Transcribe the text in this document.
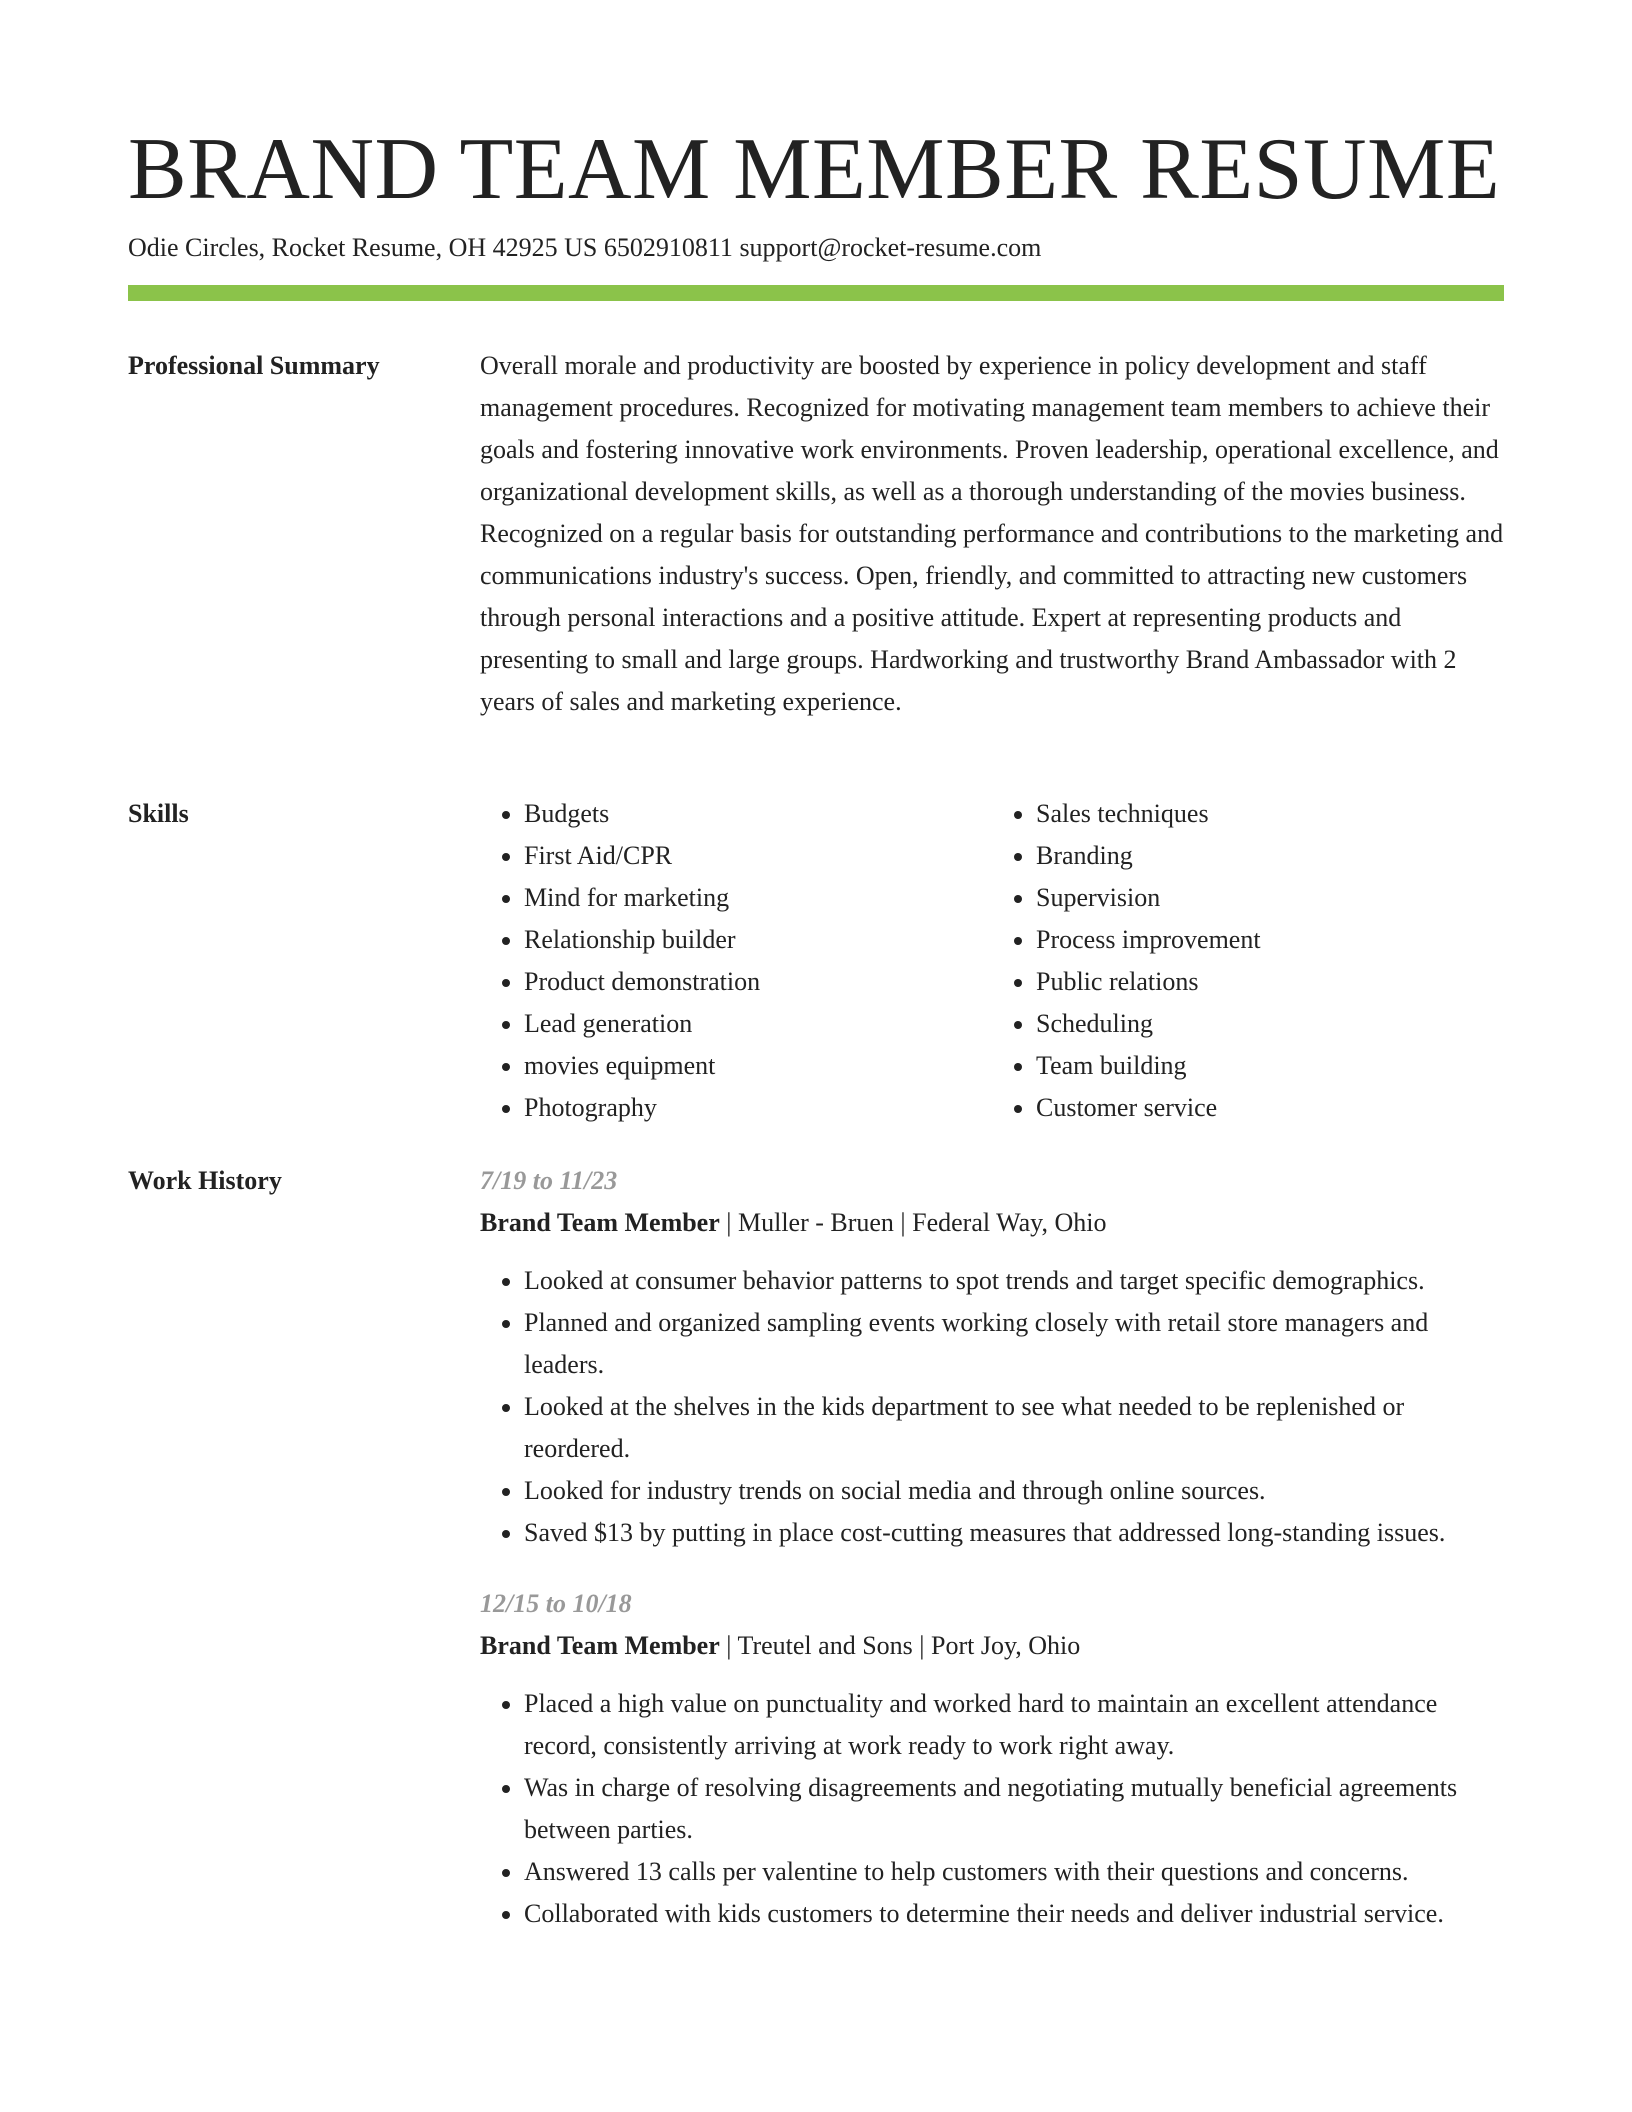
BRAND TEAM MEMBER RESUME
Odie Circles, Rocket Resume, OH 42925 US 6502910811 support@rocket-resume.com
Professional Summary	Overall morale and productivity are boosted by experience in policy development and staff management procedures. Recognized for motivating management team members to achieve their goals and fostering innovative work environments. Proven leadership, operational excellence, and organizational development skills, as well as a thorough understanding of the movies business. Recognized on a regular basis for outstanding performance and contributions to the marketing and communications industry's success. Open, friendly, and committed to attracting new customers through personal interactions and a positive attitude. Expert at representing products and presenting to small and large groups. Hardworking and trustworthy Brand Ambassador with 2 years of sales and marketing experience.

Skills
•	Budgets
• First Aid/CPR
• Mind for marketing
• Relationship builder
• Product demonstration
• Lead generation
• movies equipment
• Photography
• Sales techniques
• Branding
• Supervision
• Process improvement
• Public relations
• Scheduling
• Team building
• Customer service
Work History	7/19 to 11/23
Brand Team Member | Muller - Bruen | Federal Way, Ohio
• Looked at consumer behavior patterns to spot trends and target specific demographics.
• Planned and organized sampling events working closely with retail store managers and leaders.
• Looked at the shelves in the kids department to see what needed to be replenished or reordered.
• Looked for industry trends on social media and through online sources.
• Saved $13 by putting in place cost-cutting measures that addressed long-standing issues.
12/15 to 10/18
Brand Team Member | Treutel and Sons | Port Joy, Ohio
• Placed a high value on punctuality and worked hard to maintain an excellent attendance record, consistently arriving at work ready to work right away.
• Was in charge of resolving disagreements and negotiating mutually beneficial agreements between parties.
• Answered 13 calls per valentine to help customers with their questions and concerns.
• Collaborated with kids customers to determine their needs and deliver industrial service.
